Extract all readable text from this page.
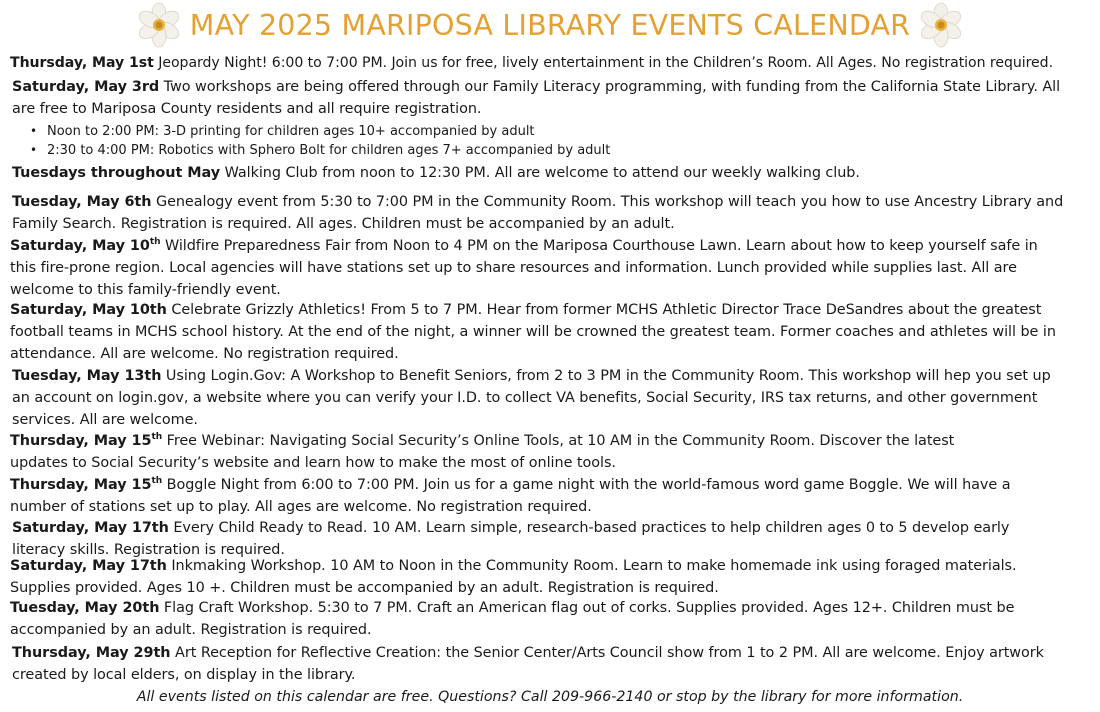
MAY 2025 MARIPOSA LIBRARY EVENTS CALENDAR
Thursday, May 1st Jeopardy Night! 6:00 to 7:00 PM. Join us for free, lively entertainment in the Children’s Room. All Ages. No registration required.
Saturday, May 3rd Two workshops are being offered through our Family Literacy programming, with funding from the California State Library. All are free to Mariposa County residents and all require registration.
• Noon to 2:00 PM: 3-D printing for children ages 10+ accompanied by adult
• 2:30 to 4:00 PM: Robotics with Sphero Bolt for children ages 7+ accompanied by adult
Tuesdays throughout May Walking Club from noon to 12:30 PM. All are welcome to attend our weekly walking club.
Tuesday, May 6th Genealogy event from 5:30 to 7:00 PM in the Community Room. This workshop will teach you how to use Ancestry Library and Family Search. Registration is required. All ages. Children must be accompanied by an adult.
Saturday, May 10th Wildfire Preparedness Fair from Noon to 4 PM on the Mariposa Courthouse Lawn. Learn about how to keep yourself safe in this fire-prone region. Local agencies will have stations set up to share resources and information. Lunch provided while supplies last. All are welcome to this family-friendly event.
Saturday, May 10th Celebrate Grizzly Athletics! From 5 to 7 PM. Hear from former MCHS Athletic Director Trace DeSandres about the greatest football teams in MCHS school history. At the end of the night, a winner will be crowned the greatest team. Former coaches and athletes will be in attendance. All are welcome. No registration required.
Tuesday, May 13th Using Login.Gov: A Workshop to Benefit Seniors, from 2 to 3 PM in the Community Room. This workshop will hep you set up an account on login.gov, a website where you can verify your I.D. to collect VA benefits, Social Security, IRS tax returns, and other government services. All are welcome.
Thursday, May 15th Free Webinar: Navigating Social Security’s Online Tools, at 10 AM in the Community Room. Discover the latest updates to Social Security’s website and learn how to make the most of online tools.
Thursday, May 15th Boggle Night from 6:00 to 7:00 PM. Join us for a game night with the world-famous word game Boggle. We will have a number of stations set up to play. All ages are welcome. No registration required.
Saturday, May 17th Every Child Ready to Read. 10 AM. Learn simple, research-based practices to help children ages 0 to 5 develop early literacy skills. Registration is required.
Saturday, May 17th Inkmaking Workshop. 10 AM to Noon in the Community Room. Learn to make homemade ink using foraged materials. Supplies provided. Ages 10 +. Children must be accompanied by an adult. Registration is required.
Tuesday, May 20th Flag Craft Workshop. 5:30 to 7 PM. Craft an American flag out of corks. Supplies provided. Ages 12+. Children must be accompanied by an adult. Registration is required.
Thursday, May 29th Art Reception for Reflective Creation: the Senior Center/Arts Council show from 1 to 2 PM. All are welcome. Enjoy artwork created by local elders, on display in the library.
All events listed on this calendar are free. Questions? Call 209-966-2140 or stop by the library for more information.
